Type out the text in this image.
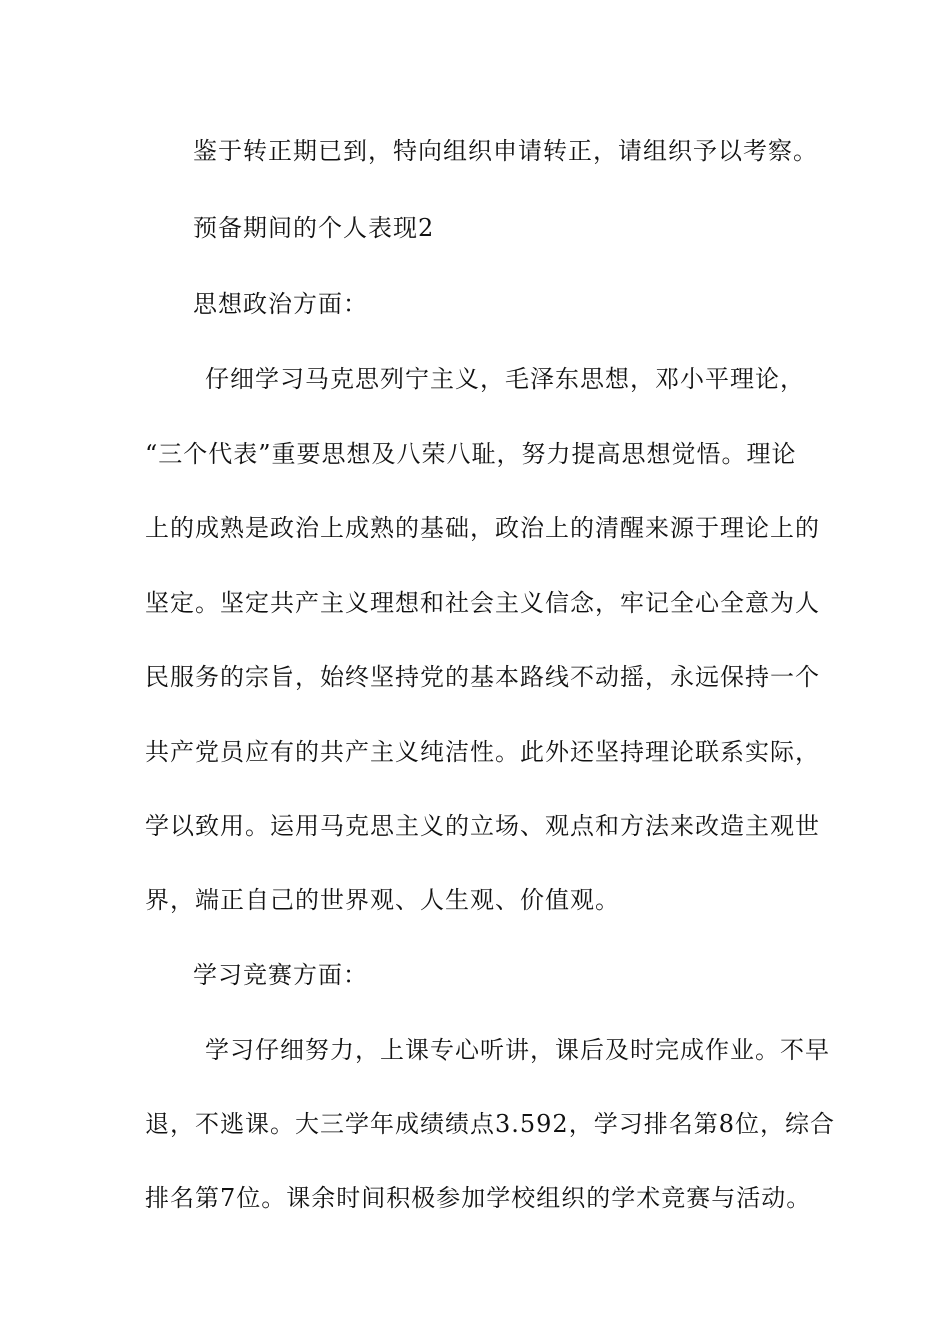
鉴于转正期已到，特向组织申请转正，请组织予以考察。
预备期间的个人表现2
思想政治方面：
仔细学习马克思列宁主义，毛泽东思想，邓小平理论，
“三个代表”重要思想及八荣八耻，努力提高思想觉悟。理论
上的成熟是政治上成熟的基础，政治上的清醒来源于理论上的
坚定。坚定共产主义理想和社会主义信念，牢记全心全意为人
民服务的宗旨，始终坚持党的基本路线不动摇，永远保持一个
共产党员应有的共产主义纯洁性。此外还坚持理论联系实际，
学以致用。运用马克思主义的立场、观点和方法来改造主观世
界，端正自己的世界观、人生观、价值观。
学习竞赛方面：
学习仔细努力，上课专心听讲，课后及时完成作业。不早
退，不逃课。大三学年成绩绩点3.592，学习排名第8位，综合
排名第7位。课余时间积极参加学校组织的学术竞赛与活动。
